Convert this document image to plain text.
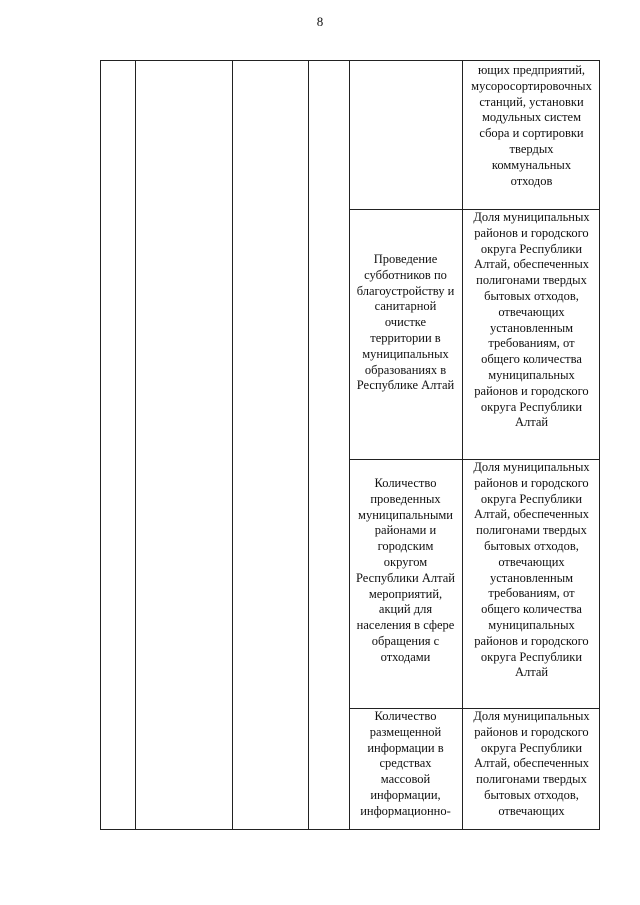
8
ющих предприятий,
мусоросортировочных
станций, установки
модульных систем
сбора и сортировки
твердых
коммунальных
отходов
Проведение
субботников по
благоустройству и
санитарной
очистке
территории в
муниципальных
образованиях в
Республике Алтай
Доля муниципальных
районов и городского
округа Республики
Алтай, обеспеченных
полигонами твердых
бытовых отходов,
отвечающих
установленным
требованиям, от
общего количества
муниципальных
районов и городского
округа Республики
Алтай
Количество
проведенных
муниципальными
районами и
городским
округом
Республики Алтай
мероприятий,
акций для
населения в сфере
обращения с
отходами
Доля муниципальных
районов и городского
округа Республики
Алтай, обеспеченных
полигонами твердых
бытовых отходов,
отвечающих
установленным
требованиям, от
общего количества
муниципальных
районов и городского
округа Республики
Алтай
Количество
размещенной
информации в
средствах
массовой
информации,
информационно-
Доля муниципальных
районов и городского
округа Республики
Алтай, обеспеченных
полигонами твердых
бытовых отходов,
отвечающих
